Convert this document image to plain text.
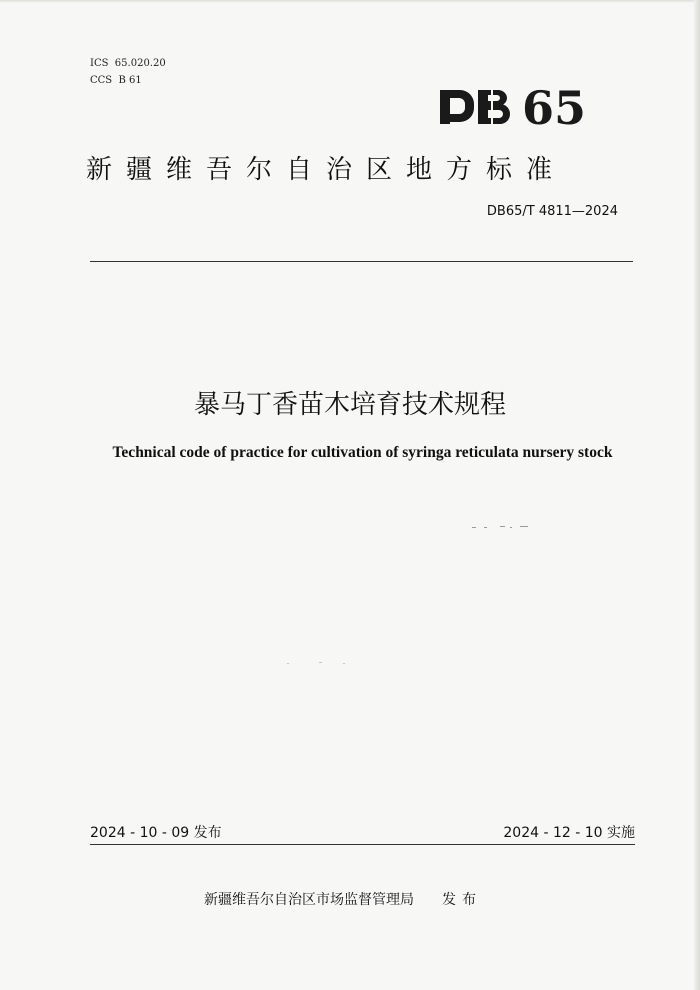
ICS  65.020.20
CCS  B 61
65
新疆维吾尔自治区地方标准
DB65/T 4811—2024
暴马丁香苗木培育技术规程
Technical code of practice for cultivation of syringa reticulata nursery stock
2024 - 10 - 09 发布	2024 - 12 - 10 实施
新疆维吾尔自治区市场监督管理局 发布
